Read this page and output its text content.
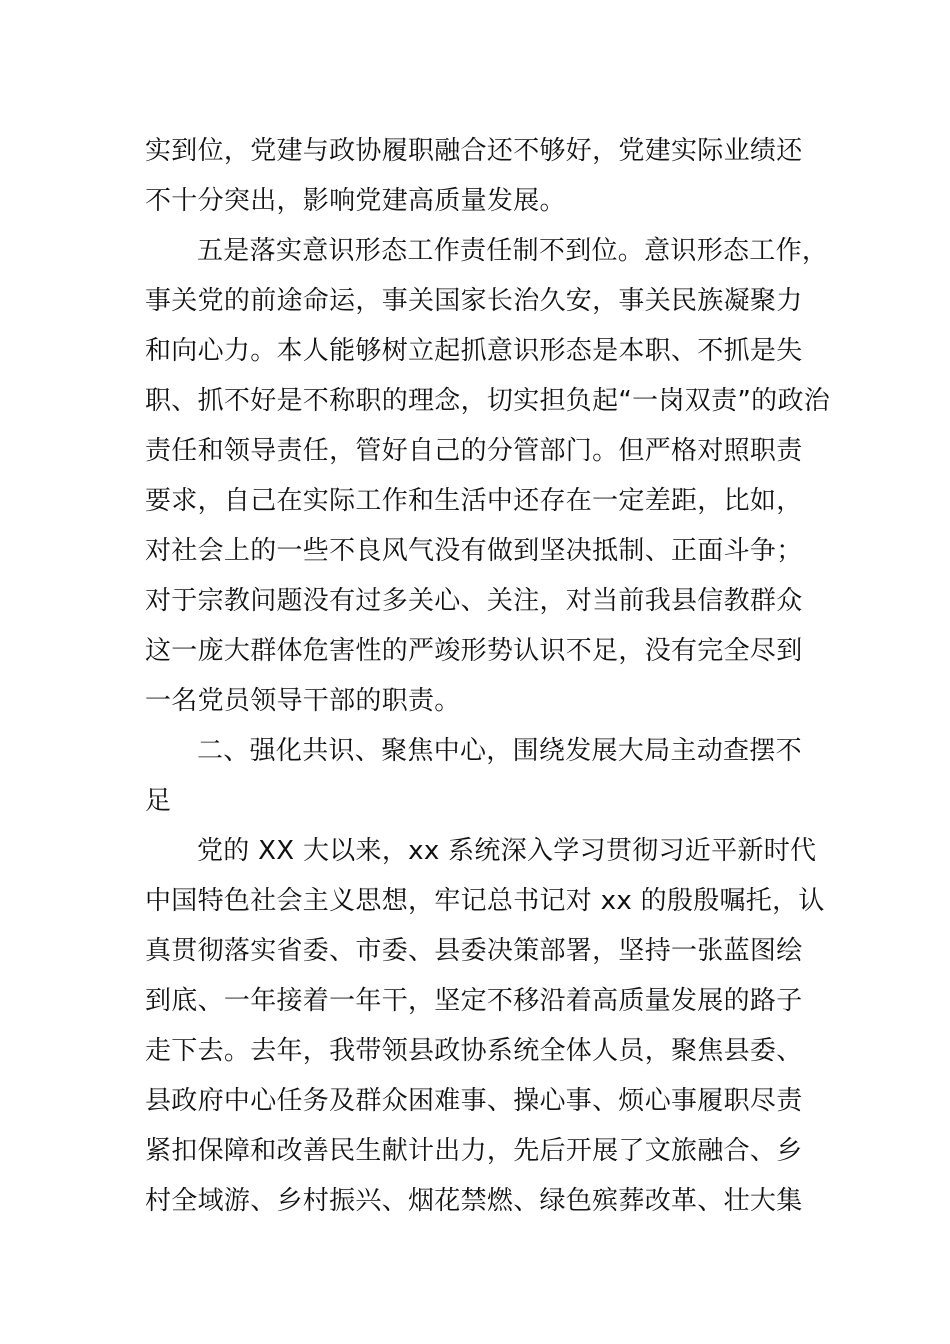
实到位，党建与政协履职融合还不够好，党建实际业绩还
不十分突出，影响党建高质量发展。
五是落实意识形态工作责任制不到位。意识形态工作，
事关党的前途命运，事关国家长治久安，事关民族凝聚力
和向心力。本人能够树立起抓意识形态是本职、不抓是失
职、抓不好是不称职的理念，切实担负起“一岗双责”的政治
责任和领导责任，管好自己的分管部门。但严格对照职责
要求，自己在实际工作和生活中还存在一定差距，比如，
对社会上的一些不良风气没有做到坚决抵制、正面斗争；
对于宗教问题没有过多关心、关注，对当前我县信教群众
这一庞大群体危害性的严竣形势认识不足，没有完全尽到
一名党员领导干部的职责。
二、强化共识、聚焦中心，围绕发展大局主动查摆不
足
党的 XX 大以来，xx 系统深入学习贯彻习近平新时代
中国特色社会主义思想，牢记总书记对 xx 的殷殷嘱托，认
真贯彻落实省委、市委、县委决策部署，坚持一张蓝图绘
到底、一年接着一年干，坚定不移沿着高质量发展的路子
走下去。去年，我带领县政协系统全体人员，聚焦县委、
县政府中心任务及群众困难事、操心事、烦心事履职尽责
紧扣保障和改善民生献计出力，先后开展了文旅融合、乡
村全域游、乡村振兴、烟花禁燃、绿色殡葬改革、壮大集
